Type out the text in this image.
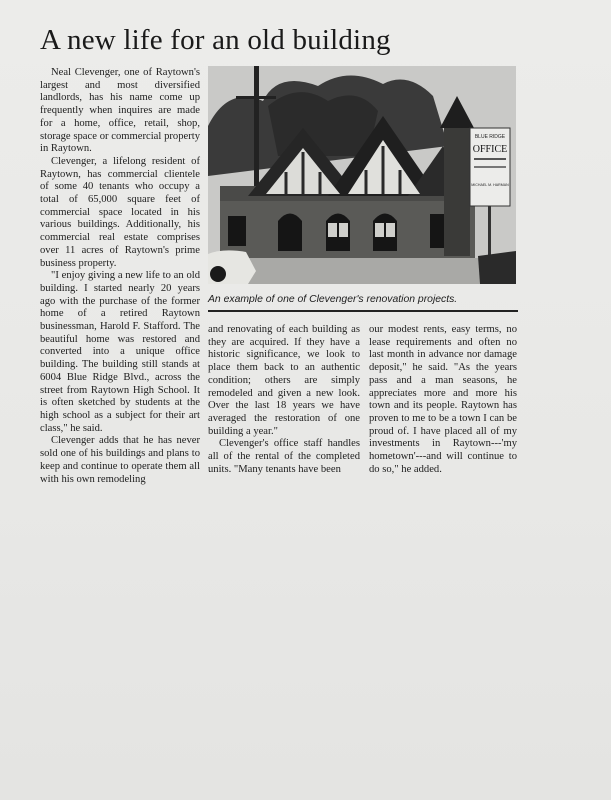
A new life for an old building

Neal Clevenger, one of Raytown's largest and most diversified landlords, has his name come up frequently when inquires are made for a home, office, retail, shop, storage space or commercial property in Raytown.

Clevenger, a lifelong resident of Raytown, has commercial clientele of some 40 tenants who occupy a total of 65,000 square feet of commercial space located in his various buildings. Additionally, his commercial real estate comprises over 11 acres of Raytown's prime business property.

"I enjoy giving a new life to an old building. I started nearly 20 years ago with the purchase of the former home of a retired Raytown businessman, Harold F. Stafford. The beautiful home was restored and converted into a unique office building. The building still stands at 6004 Blue Ridge Blvd., across the street from Raytown High School. It is often sketched by students at the high school as a subject for their art class," he said.

Clevenger adds that he has never sold one of his buildings and plans to keep and continue to operate them all with his own remodeling

BLUE RIDGE
OFFICE
MICHAEL M. HARMAN
An example of one of Clevenger's renovation projects.

and renovating of each building as they are acquired. If they have a historic significance, we look to place them back to an authentic condition; others are simply remodeled and given a new look. Over the last 18 years we have averaged the restoration of one building a year."

Clevenger's office staff handles all of the rental of the completed units. "Many tenants have been

our modest rents, easy terms, no lease requirements and often no last month in advance nor damage deposit," he said. "As the years pass and a man seasons, he appreciates more and more his town and its people. Raytown has proven to me to be a town I can be proud of. I have placed all of my investments in Raytown---'my hometown'---and will continue to do so," he added.
